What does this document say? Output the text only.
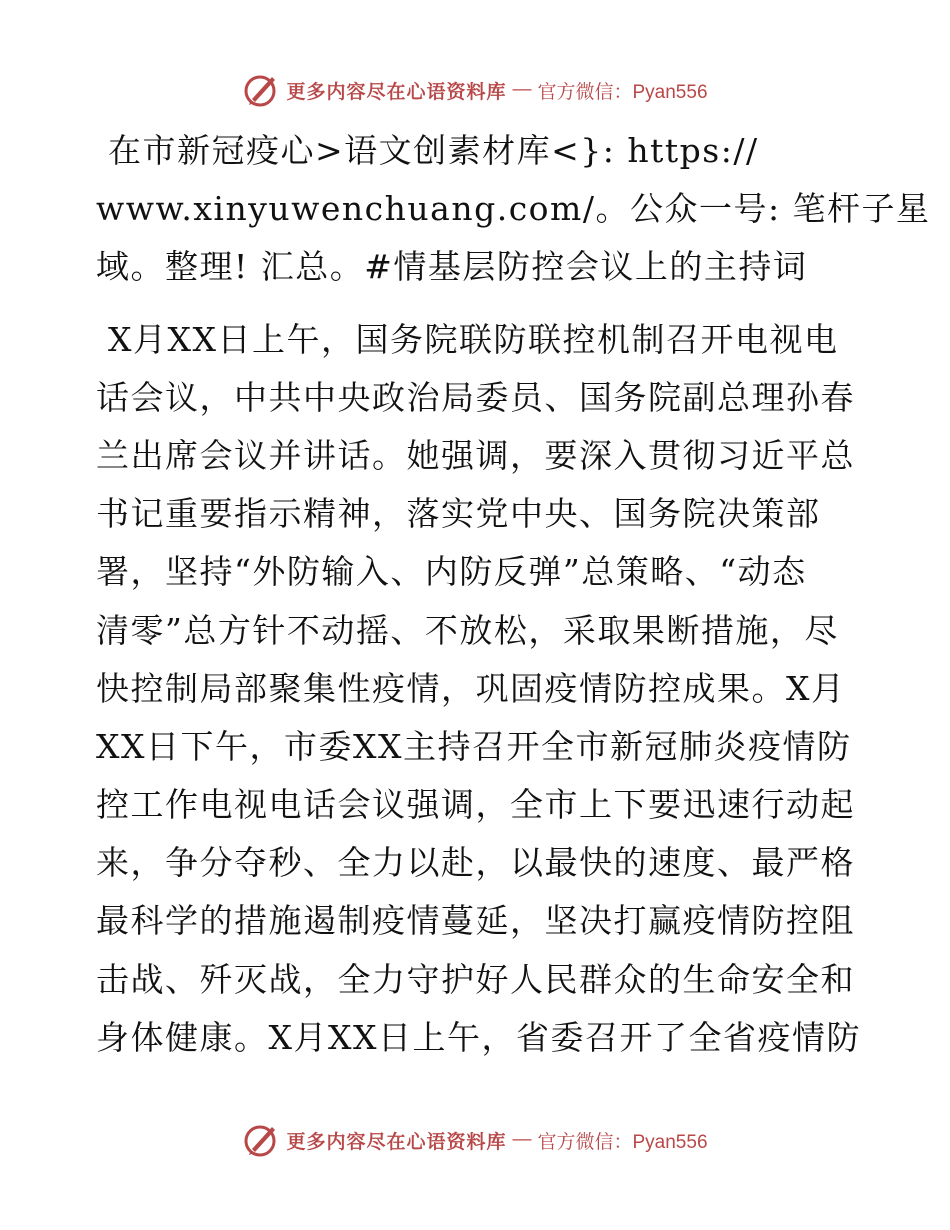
更多内容尽在心语资料库 — 官方微信：Pyan556
在市新冠疫心>语文创素材库<}: https://
www.xinyuwenchuang.com/。公众一号: 笔杆子星
域。整理! 汇总。#情基层防控会议上的主持词
X月XX日上午，国务院联防联控机制召开电视电
话会议，中共中央政治局委员、国务院副总理孙春
兰出席会议并讲话。她强调，要深入贯彻习近平总
书记重要指示精神，落实党中央、国务院决策部
署，坚持“外防输入、内防反弹”总策略、“动态
清零”总方针不动摇、不放松，采取果断措施，尽
快控制局部聚集性疫情，巩固疫情防控成果。X月
XX日下午，市委XX主持召开全市新冠肺炎疫情防
控工作电视电话会议强调，全市上下要迅速行动起
来，争分夺秒、全力以赴，以最快的速度、最严格
最科学的措施遏制疫情蔓延，坚决打赢疫情防控阻
击战、歼灭战，全力守护好人民群众的生命安全和
身体健康。X月XX日上午，省委召开了全省疫情防
更多内容尽在心语资料库 — 官方微信：Pyan556
